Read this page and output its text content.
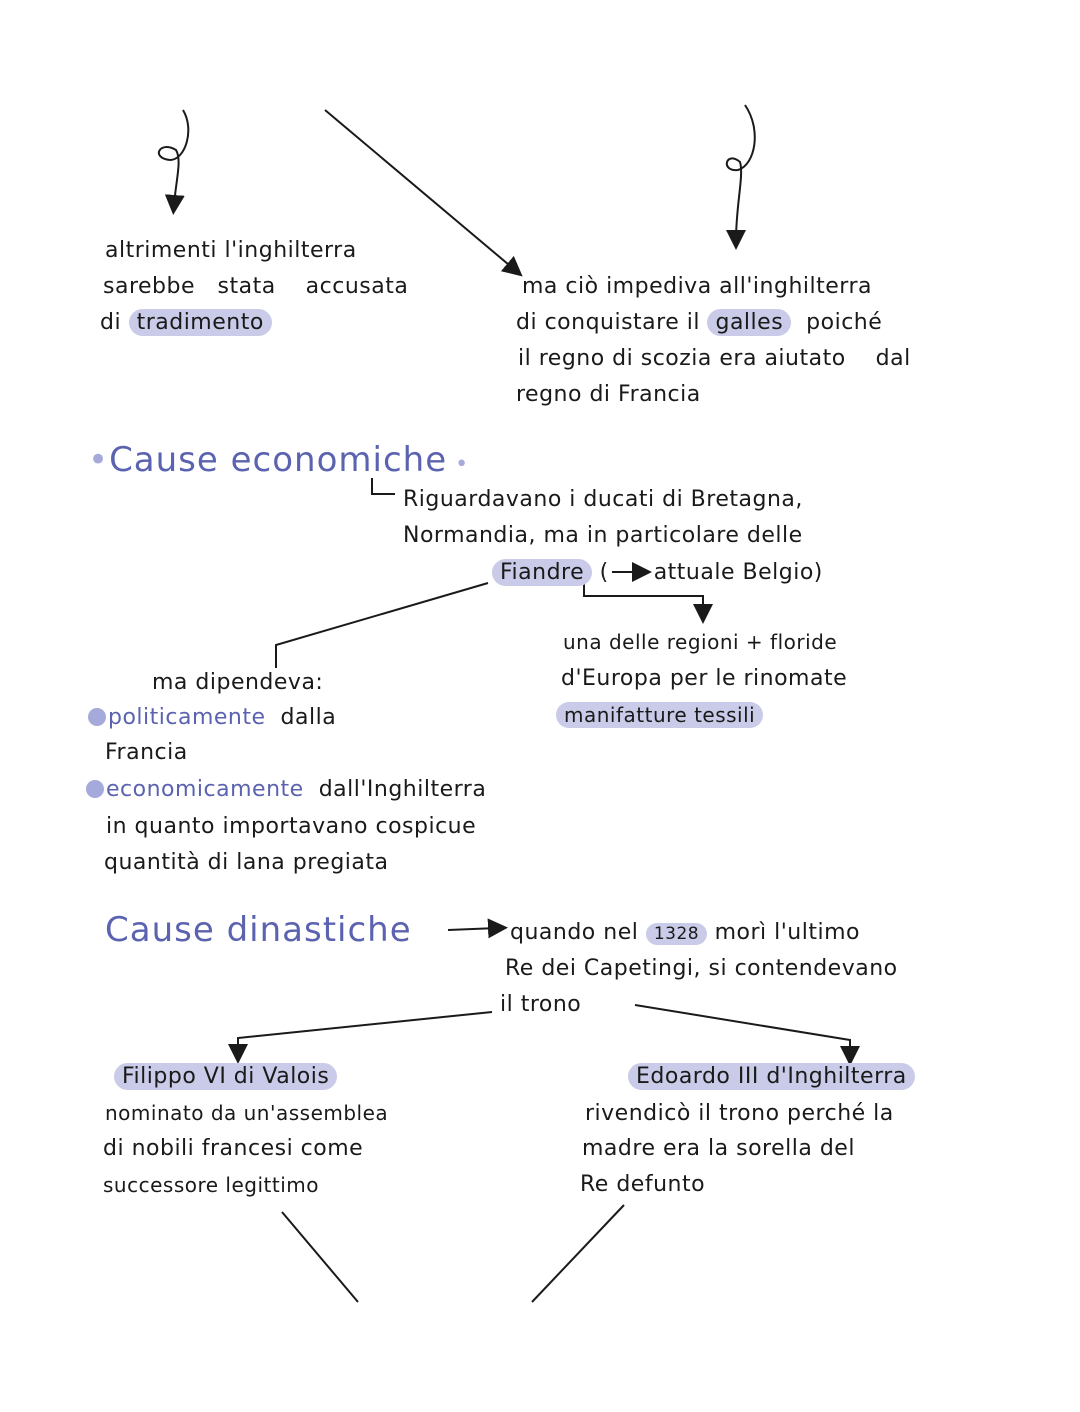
altrimenti l'inghilterra
sarebbe stata accusata
di tradimento
ma ciò impediva all'inghilterra
di conquistare il galles poiché
il regno di scozia era aiutato dal
regno di Francia
•Cause economiche •
Riguardavano i ducati di Bretagna,
Normandia, ma in particolare delle
Fiandre (      attuale Belgio)
una delle regioni + floride
d'Europa per le rinomate
manifatture tessili
ma dipendeva:
politicamente dalla
Francia
economicamente dall'Inghilterra
in quanto importavano cospicue
quantità di lana pregiata
Cause dinastiche	quando nel 1328 morì l'ultimo
Re dei Capetingi, si contendevano
il trono
Filippo VI di Valois
nominato da un'assemblea
di nobili francesi come
successore legittimo
Edoardo III d'Inghilterra
rivendicò il trono perché la
madre era la sorella del
Re defunto
